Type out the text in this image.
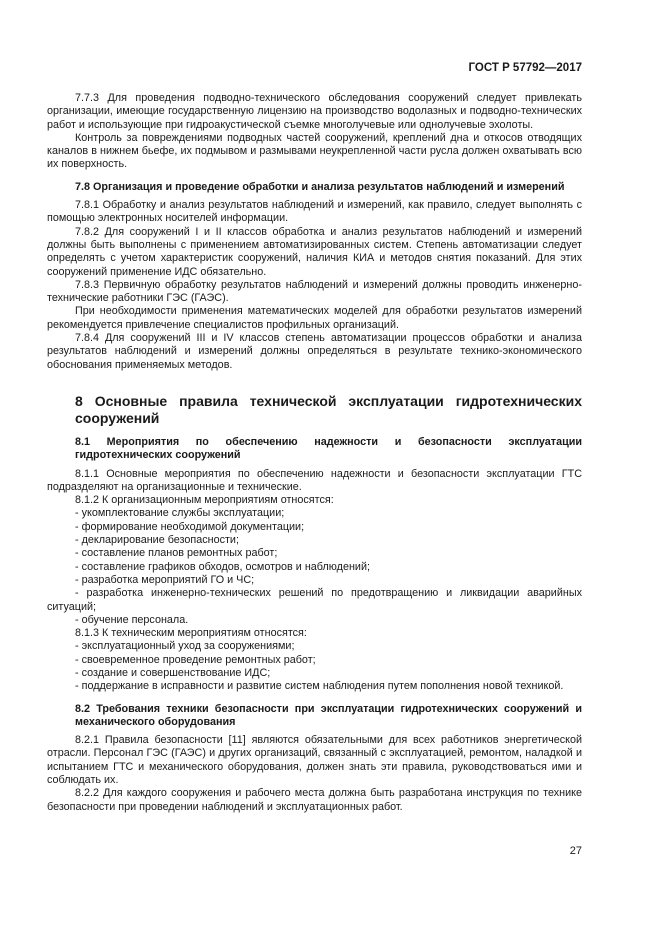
ГОСТ Р 57792—2017

7.7.3 Для проведения подводно-технического обследования сооружений следует привлекать организации, имеющие государственную лицензию на производство водолазных и подводно-технических работ и использующие при гидроакустической съемке многолучевые или однолучевые эхолоты.

Контроль за повреждениями подводных частей сооружений, креплений дна и откосов отводящих каналов в нижнем бьефе, их подмывом и размывами неукрепленной части русла должен охватывать всю их поверхность.

7.8 Организация и проведение обработки и анализа результатов наблюдений и измерений

7.8.1 Обработку и анализ результатов наблюдений и измерений, как правило, следует выполнять с помощью электронных носителей информации.

7.8.2 Для сооружений I и II классов обработка и анализ результатов наблюдений и измерений должны быть выполнены с применением автоматизированных систем. Степень автоматизации следует определять с учетом характеристик сооружений, наличия КИА и методов снятия показаний. Для этих сооружений применение ИДС обязательно.

7.8.3 Первичную обработку результатов наблюдений и измерений должны проводить инженерно-технические работники ГЭС (ГАЭС).

При необходимости применения математических моделей для обработки результатов измерений рекомендуется привлечение специалистов профильных организаций.

7.8.4 Для сооружений III и IV классов степень автоматизации процессов обработки и анализа результатов наблюдений и измерений должны определяться в результате технико-экономического обоснования применяемых методов.

8 Основные правила технической эксплуатации гидротехнических сооружений

8.1 Мероприятия по обеспечению надежности и безопасности эксплуатации гидротехнических сооружений

8.1.1 Основные мероприятия по обеспечению надежности и безопасности эксплуатации ГТС подразделяют на организационные и технические.

8.1.2 К организационным мероприятиям относятся:

- укомплектование службы эксплуатации;

- формирование необходимой документации;

- декларирование безопасности;

- составление планов ремонтных работ;

- составление графиков обходов, осмотров и наблюдений;

- разработка мероприятий ГО и ЧС;

- разработка инженерно-технических решений по предотвращению и ликвидации аварийных ситуаций;

- обучение персонала.

8.1.3 К техническим мероприятиям относятся:

- эксплуатационный уход за сооружениями;

- своевременное проведение ремонтных работ;

- создание и совершенствование ИДС;

- поддержание в исправности и развитие систем наблюдения путем пополнения новой техникой.

8.2 Требования техники безопасности при эксплуатации гидротехнических сооружений и механического оборудования

8.2.1 Правила безопасности [11] являются обязательными для всех работников энергетической отрасли. Персонал ГЭС (ГАЭС) и других организаций, связанный с эксплуатацией, ремонтом, наладкой и испытанием ГТС и механического оборудования, должен знать эти правила, руководствоваться ими и соблюдать их.

8.2.2 Для каждого сооружения и рабочего места должна быть разработана инструкция по технике безопасности при проведении наблюдений и эксплуатационных работ.

27
